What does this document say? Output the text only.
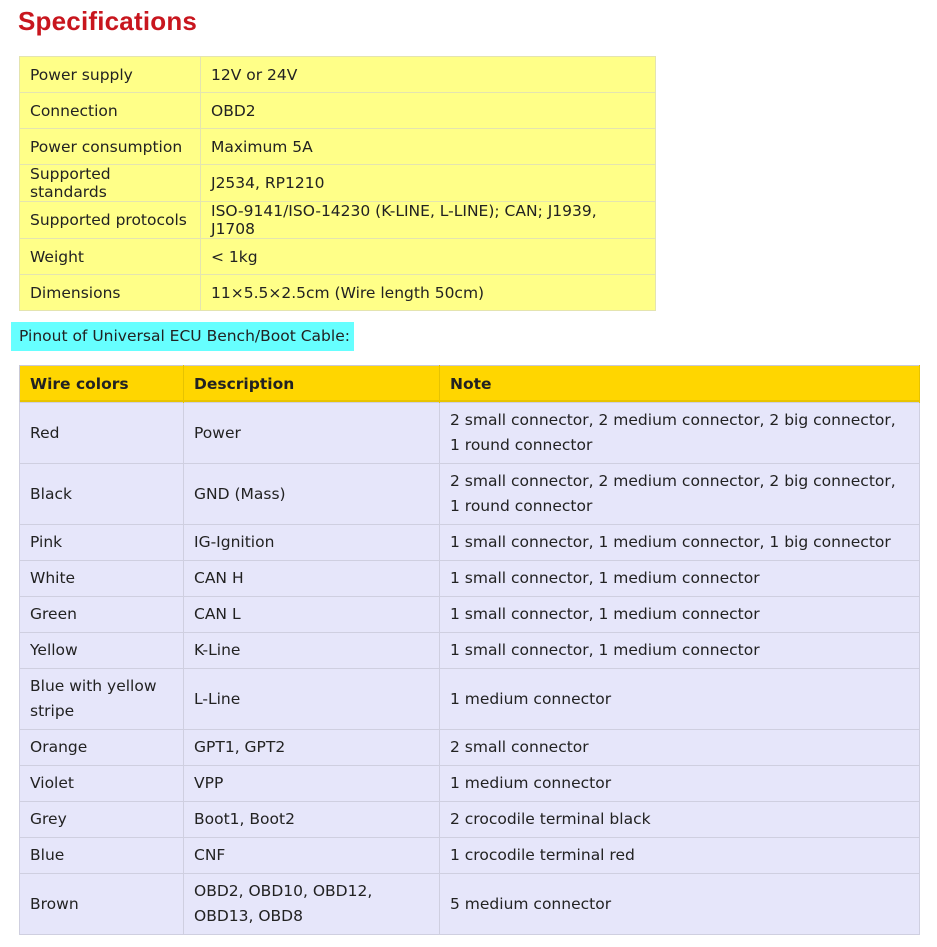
Specifications
Power supply	12V or 24V
Connection	OBD2
Power consumption	Maximum 5A
Supported standards	J2534, RP1210
Supported protocols	ISO-9141/ISO-14230 (K-LINE, L-LINE); CAN; J1939, J1708
Weight	< 1kg
Dimensions	11×5.5×2.5cm (Wire length 50cm)
Pinout of Universal ECU Bench/Boot Cable:
Wire colors	Description	Note
Red	Power	2 small connector, 2 medium connector, 2 big connector, 1 round connector
Black	GND (Mass)	2 small connector, 2 medium connector, 2 big connector, 1 round connector
Pink	IG-Ignition	1 small connector, 1 medium connector, 1 big connector
White	CAN H	1 small connector, 1 medium connector
Green	CAN L	1 small connector, 1 medium connector
Yellow	K-Line	1 small connector, 1 medium connector
Blue with yellow stripe	L-Line	1 medium connector
Orange	GPT1, GPT2	2 small connector
Violet	VPP	1 medium connector
Grey	Boot1, Boot2	2 crocodile terminal black
Blue	CNF	1 crocodile terminal red
Brown	OBD2, OBD10, OBD12, OBD13, OBD8	5 medium connector
